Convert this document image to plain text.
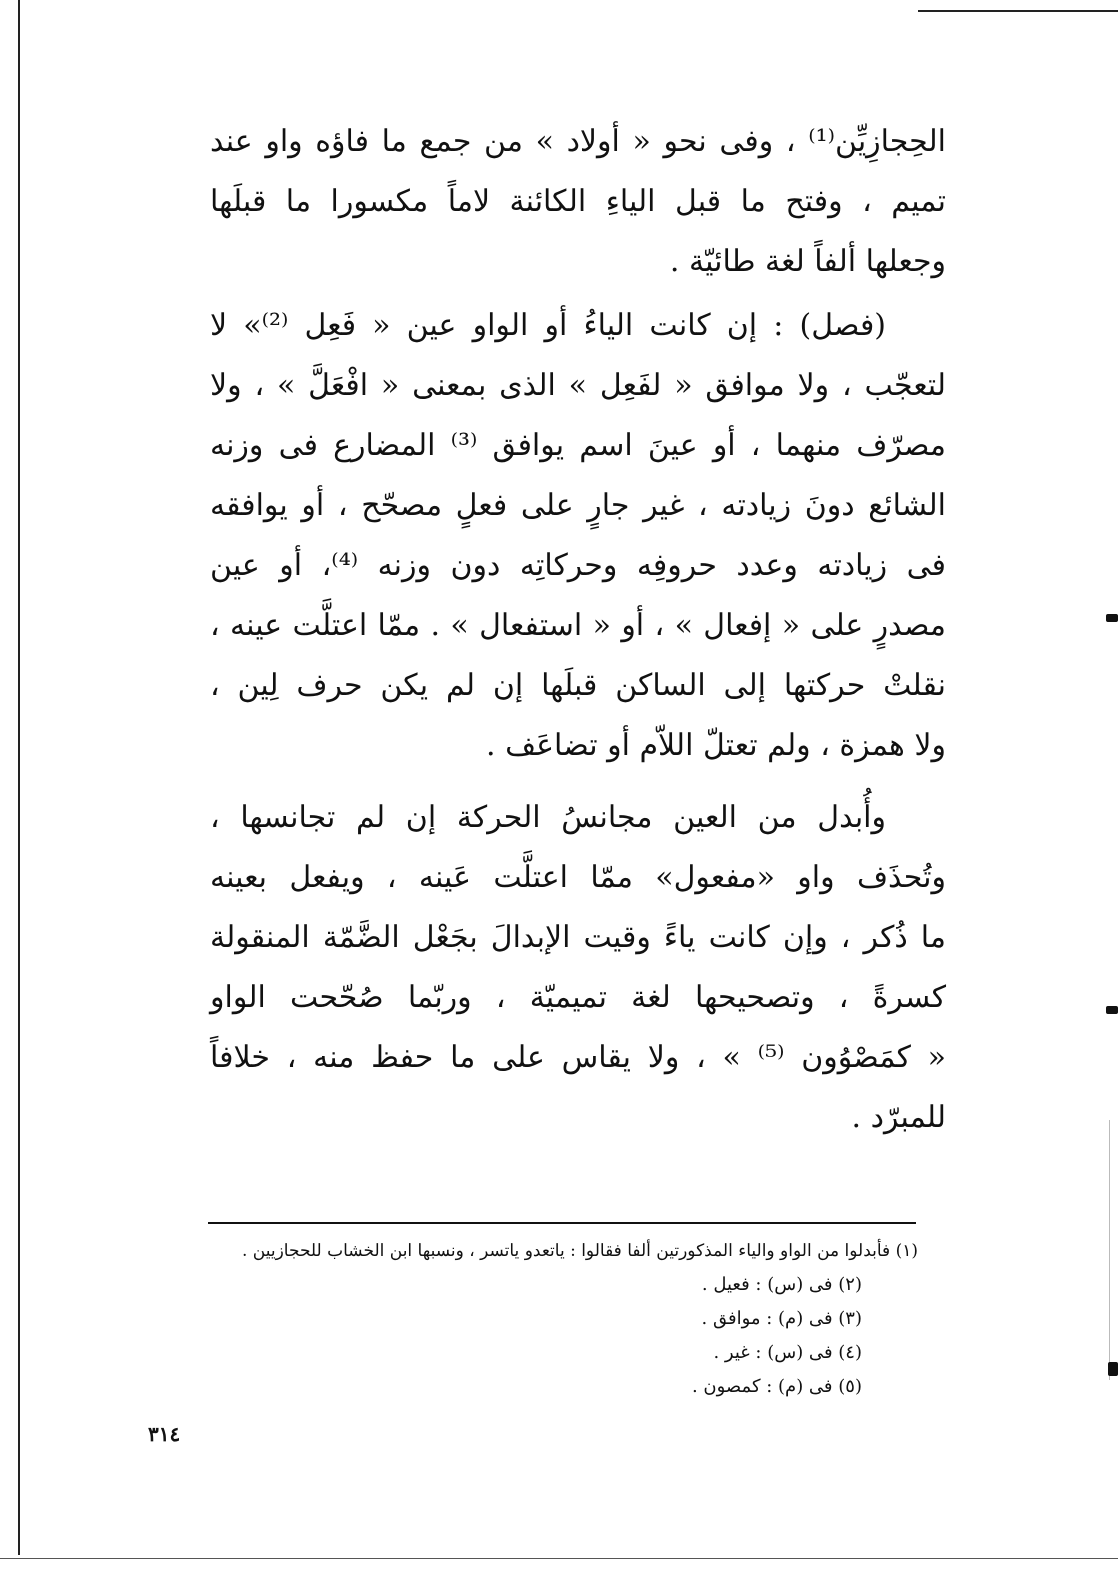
الحِجازِيِّن⁽¹⁾ ، وفى نحو « أولاد » من جمع ما فاؤه واو عند
تميم ، وفتح ما قبل الياءِ الكائنة لاماً مكسورا ما قبلَها
وجعلها ألفاً لغة طائيّة .
(فصل) : إن كانت الياءُ أو الواو عين « فَعِل ⁽²⁾» لا
لتعجّب ، ولا موافق « لفَعِل » الذى بمعنى « افْعَلَّ » ، ولا
مصرّف منهما ، أو عينَ اسم يوافق ⁽³⁾ المضارع فى وزنه
الشائع دونَ زيادته ، غير جارٍ على فعلٍ مصحّح ، أو يوافقه
فى زيادته وعدد حروفِه وحركاتِه دون وزنه ⁽⁴⁾، أو عين
مصدرٍ على « إفعال » ، أو « استفعال » . ممّا اعتلَّت عينه ،
نقلتْ حركتها إلى الساكن قبلَها إن لم يكن حرف لِين ،
ولا همزة ، ولم تعتلّ اللاّم أو تضاعَف .
وأُبدل من العين مجانسُ الحركة إن لم تجانسها ،
وتُحذَف واو «مفعول» ممّا اعتلَّت عَينه ، ويفعل بعينه
ما ذُكر ، وإن كانت ياءً وقيت الإبدالَ بجَعْل الضَّمّة المنقولة
كسرةً ، وتصحيحها لغة تميميّة ، وربّما صُحّحت الواو
« كمَصْوُون ⁽⁵⁾ » ، ولا يقاس على ما حفظ منه ، خلافاً
للمبرّد .
(١) فأبدلوا من الواو والياء المذكورتين ألفا فقالوا : ياتعدو ياتسر ، ونسبها ابن الخشاب للحجازيين .
(٢) فى (س) : فعيل .
(٣) فى (م) : موافق .
(٤) فى (س) : غير .
(٥) فى (م) : كمصون .
٣١٤
